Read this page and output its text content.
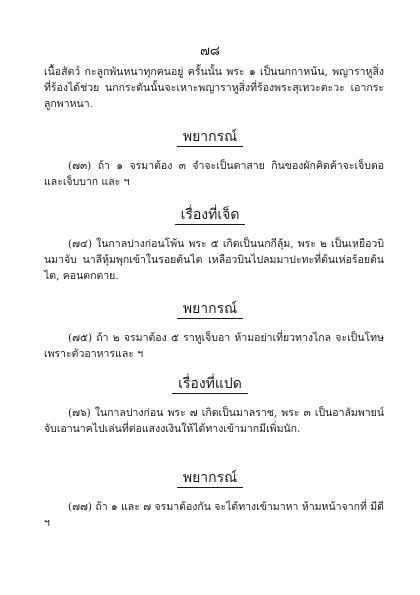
๗๘

เนื้อสัตว์ กะลูกพันหนาทุกคนอยู่ ครั้นนั้น พระ ๑ เป็นนกกาหน้น, พญาราหูสิ่งที่ร้องได้ช่วย นกกระดันนั้นจะเหาะพญาราหูสิ่งที่ร้องพระสุเทวะตะวะ เอากระลูกพาหนา.

พยากรณ์

(๗๓) ถ้า ๑ จรมาต้อง ๓ จำจะเป็นตาสาย กินของผักคิดค้าจะเจ็บตอและเจ็บบาก และ ฯ

เรื่องที่เจ็ด

(๗๔) ในกาลปางก่อนโพ้น พระ ๕ เกิดเป็นนกกีลุ้ม, พระ ๒ เป็นเหยือวบินมาจับ นาลีหุ้มพุกเข้าในรอยต้นไต เหลือวบินไปลมมาปะทะที่ต้นเห่อร้อยต้นไต, คอนตกตาย.

พยากรณ์

(๗๕) ถ้า ๒ จรมาต้อง ๕ ราหูเจ็บอา ห้ามอย่าเที่ยวทางไกล จะเป็นโทษเพราะตัวอาหารและ ฯ

เรื่องที่แปด

(๗๖) ในกาลปางก่อน พระ ๗ เกิดเป็นมาลราช, พระ ๓ เป็นอาลัมพายน์ จับเอานาคไปเล่นที่ต่อแสงงเงินให้ได้ทางเข้ามากมีเพิ่มนัก.

พยากรณ์

(๗๗) ถ้า ๑ และ ๗ จรมาต้องกัน จะได้ทางเข้ามาหา ห้ามหน้าจากที่ มีดี ฯ
